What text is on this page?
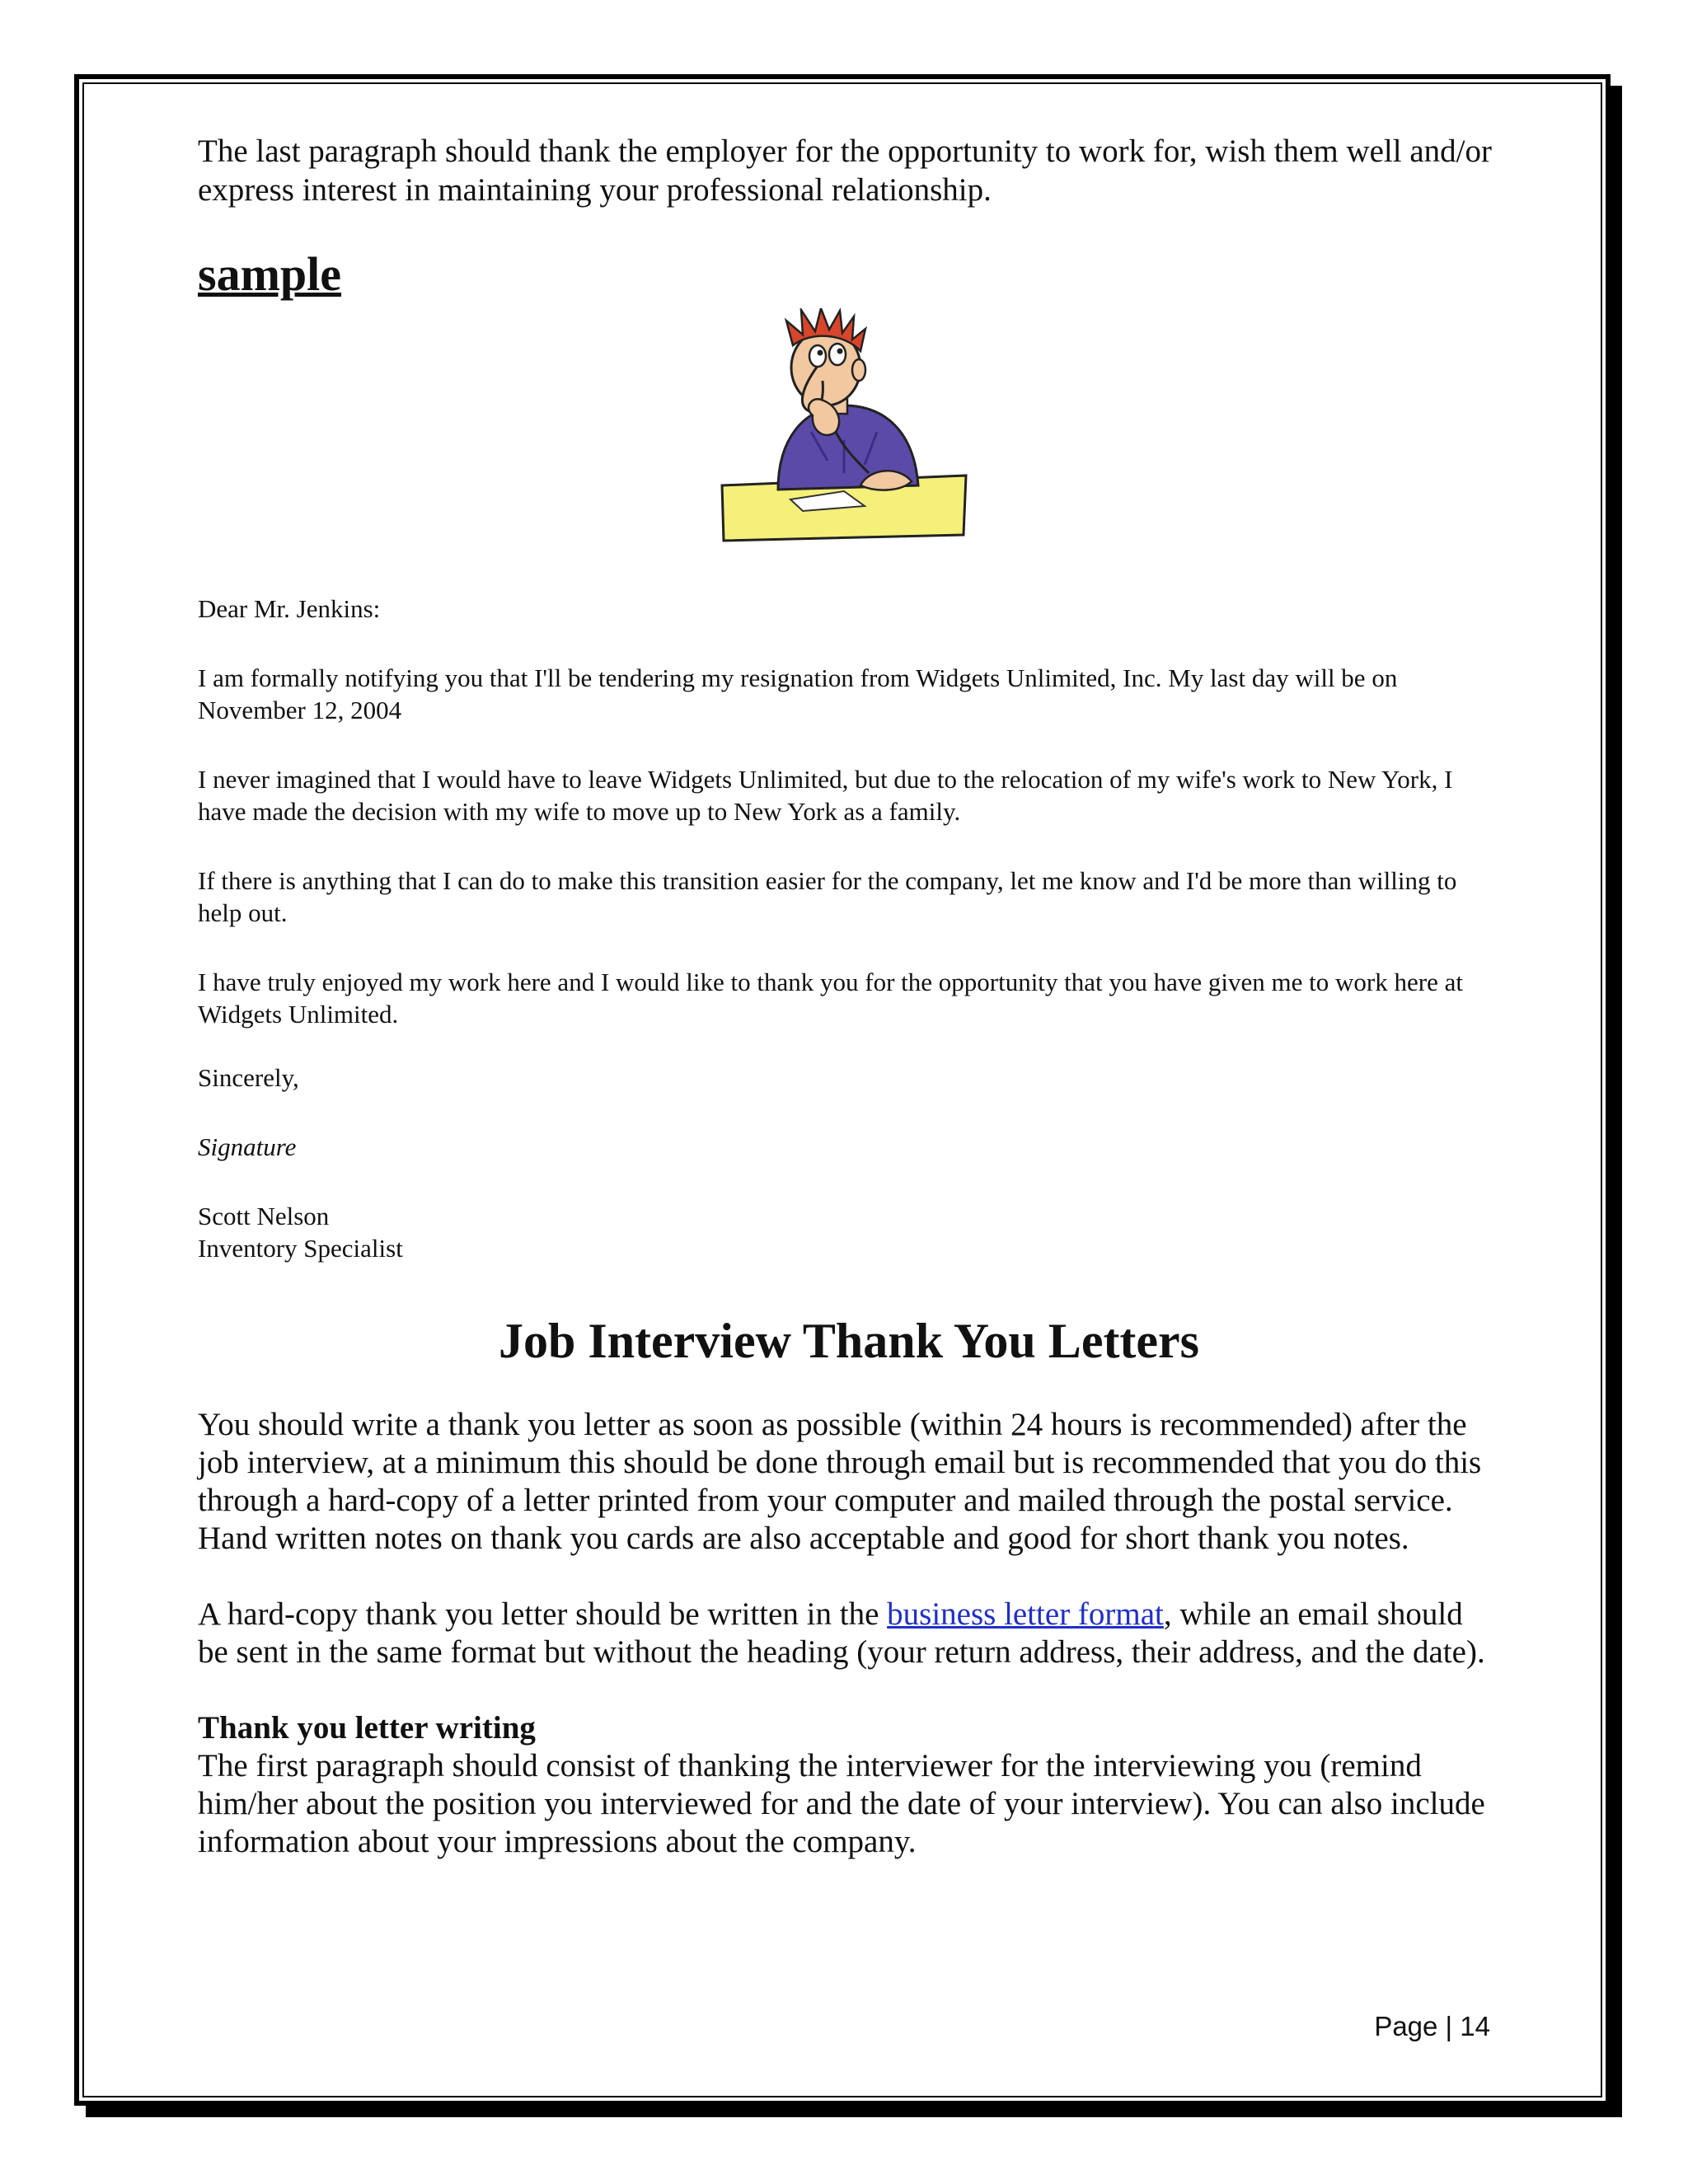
The last paragraph should thank the employer for the opportunity to work for, wish them well and/or express interest in maintaining your professional relationship.

sample

Dear Mr. Jenkins:

I am formally notifying you that I'll be tendering my resignation from Widgets Unlimited, Inc. My last day will be on November 12, 2004

I never imagined that I would have to leave Widgets Unlimited, but due to the relocation of my wife's work to New York, I have made the decision with my wife to move up to New York as a family.

If there is anything that I can do to make this transition easier for the company, let me know and I'd be more than willing to help out.

I have truly enjoyed my work here and I would like to thank you for the opportunity that you have given me to work here at Widgets Unlimited.

Sincerely,

Signature

Scott Nelson
Inventory Specialist

Job Interview Thank You Letters

You should write a thank you letter as soon as possible (within 24 hours is recommended) after the job interview, at a minimum this should be done through email but is recommended that you do this through a hard-copy of a letter printed from your computer and mailed through the postal service. Hand written notes on thank you cards are also acceptable and good for short thank you notes.

A hard-copy thank you letter should be written in the business letter format, while an email should be sent in the same format but without the heading (your return address, their address, and the date).

Thank you letter writing
The first paragraph should consist of thanking the interviewer for the interviewing you (remind him/her about the position you interviewed for and the date of your interview). You can also include information about your impressions about the company.

Page | 14
